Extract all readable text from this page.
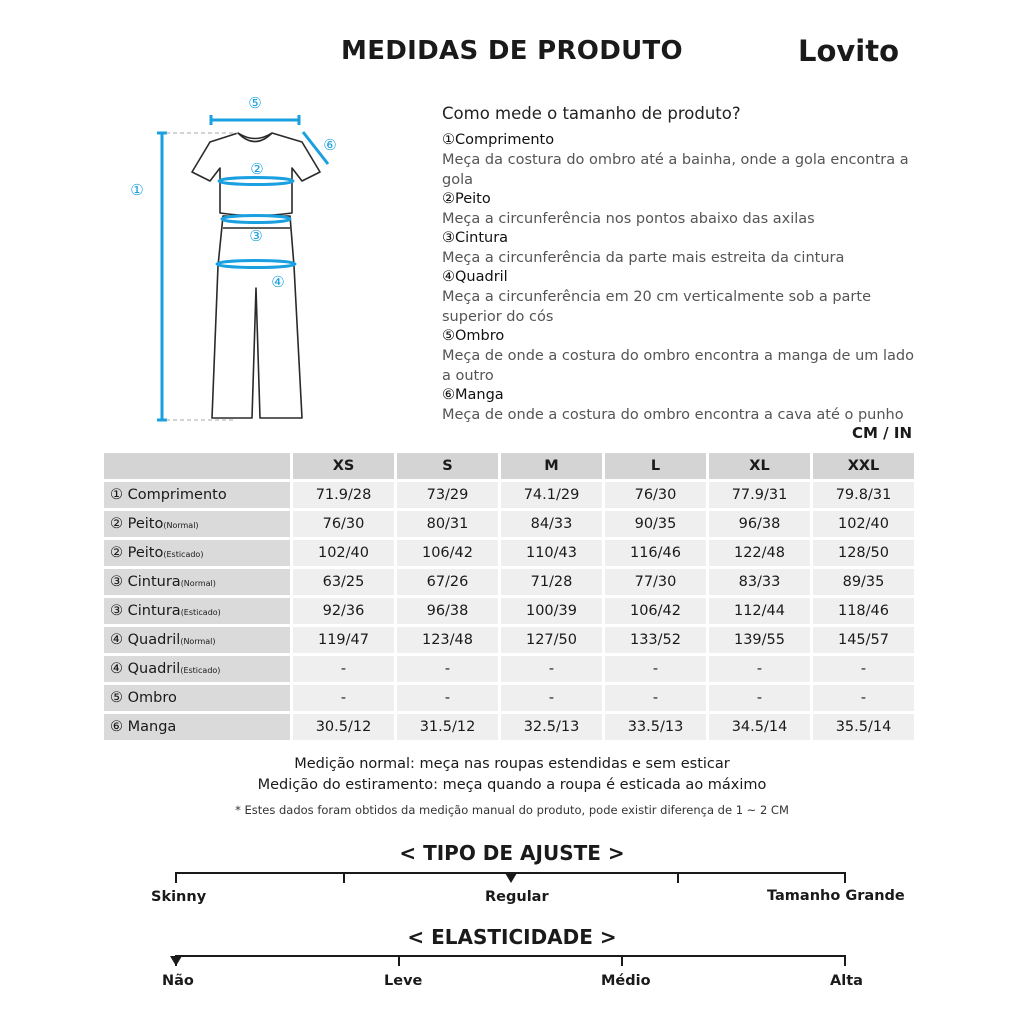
MEDIDAS DE PRODUTO	Lovito
①
②
③
④
⑤
⑥
Como mede o tamanho de produto?
①Comprimento
Meça da costura do ombro até a bainha, onde a gola encontra a gola
②Peito
Meça a circunferência nos pontos abaixo das axilas
③Cintura
Meça a circunferência da parte mais estreita da cintura
④Quadril
Meça a circunferência em 20 cm verticalmente sob a parte superior do cós
⑤Ombro
Meça de onde a costura do ombro encontra a manga de um lado a outro
⑥Manga
Meça de onde a costura do ombro encontra a cava até o punho
CM / IN
	XS	S	M	L	XL	XXL
① Comprimento	71.9/28	73/29	74.1/29	76/30	77.9/31	79.8/31
② Peito(Normal)	76/30	80/31	84/33	90/35	96/38	102/40
② Peito(Esticado)	102/40	106/42	110/43	116/46	122/48	128/50
③ Cintura(Normal)	63/25	67/26	71/28	77/30	83/33	89/35
③ Cintura(Esticado)	92/36	96/38	100/39	106/42	112/44	118/46
④ Quadril(Normal)	119/47	123/48	127/50	133/52	139/55	145/57
④ Quadril(Esticado)	-	-	-	-	-	-
⑤ Ombro	-	-	-	-	-	-
⑥ Manga	30.5/12	31.5/12	32.5/13	33.5/13	34.5/14	35.5/14
Medição normal: meça nas roupas estendidas e sem esticar
Medição do estiramento: meça quando a roupa é esticada ao máximo
* Estes dados foram obtidos da medição manual do produto, pode existir diferença de 1 ~ 2 CM
< TIPO DE AJUSTE >
Skinny	Regular	Tamanho Grande
< ELASTICIDADE >
Não	Leve	Médio	Alta
